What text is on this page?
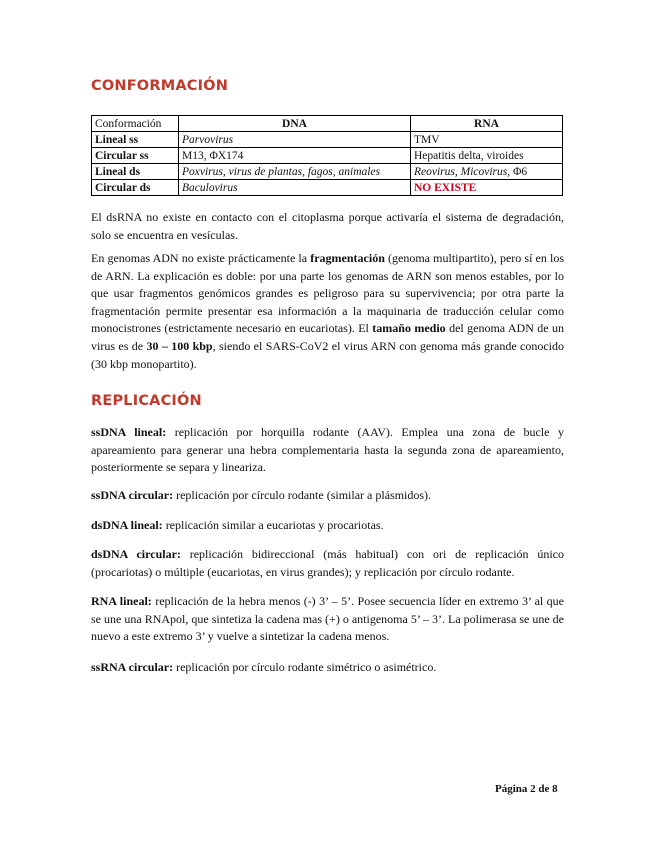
CONFORMACIÓN
Conformación	DNA	RNA
Lineal ss	Parvovirus	TMV
Circular ss	M13, ΦX174	Hepatitis delta, viroides
Lineal ds	Poxvirus, virus de plantas, fagos, animales	Reovirus, Micovirus, Φ6
Circular ds	Baculovirus	NO EXISTE

El dsRNA no existe en contacto con el citoplasma porque activaría el sistema de degradación, solo se encuentra en vesículas.

En genomas ADN no existe prácticamente la fragmentación (genoma multipartito), pero sí en los de ARN. La explicación es doble: por una parte los genomas de ARN son menos estables, por lo que usar fragmentos genómicos grandes es peligroso para su supervivencia; por otra parte la fragmentación permite presentar esa información a la maquinaria de traducción celular como monocistrones (estrictamente necesario en eucariotas). El tamaño medio del genoma ADN de un virus es de 30 – 100 kbp, siendo el SARS-CoV2 el virus ARN con genoma más grande conocido (30 kbp monopartito).

REPLICACIÓN

ssDNA lineal: replicación por horquilla rodante (AAV). Emplea una zona de bucle y apareamiento para generar una hebra complementaria hasta la segunda zona de apareamiento, posteriormente se separa y lineariza.

ssDNA circular: replicación por círculo rodante (similar a plásmidos).

dsDNA lineal: replicación similar a eucariotas y procariotas.

dsDNA circular: replicación bidireccional (más habitual) con ori de replicación único (procariotas) o múltiple (eucariotas, en virus grandes); y replicación por círculo rodante.

RNA lineal: replicación de la hebra menos (-) 3’ – 5’. Posee secuencia líder en extremo 3’ al que se une una RNApol, que sintetiza la cadena mas (+) o antigenoma 5’ – 3’. La polimerasa se une de nuevo a este extremo 3’ y vuelve a sintetizar la cadena menos.

ssRNA circular: replicación por círculo rodante simétrico o asimétrico.

Página 2 de 8
